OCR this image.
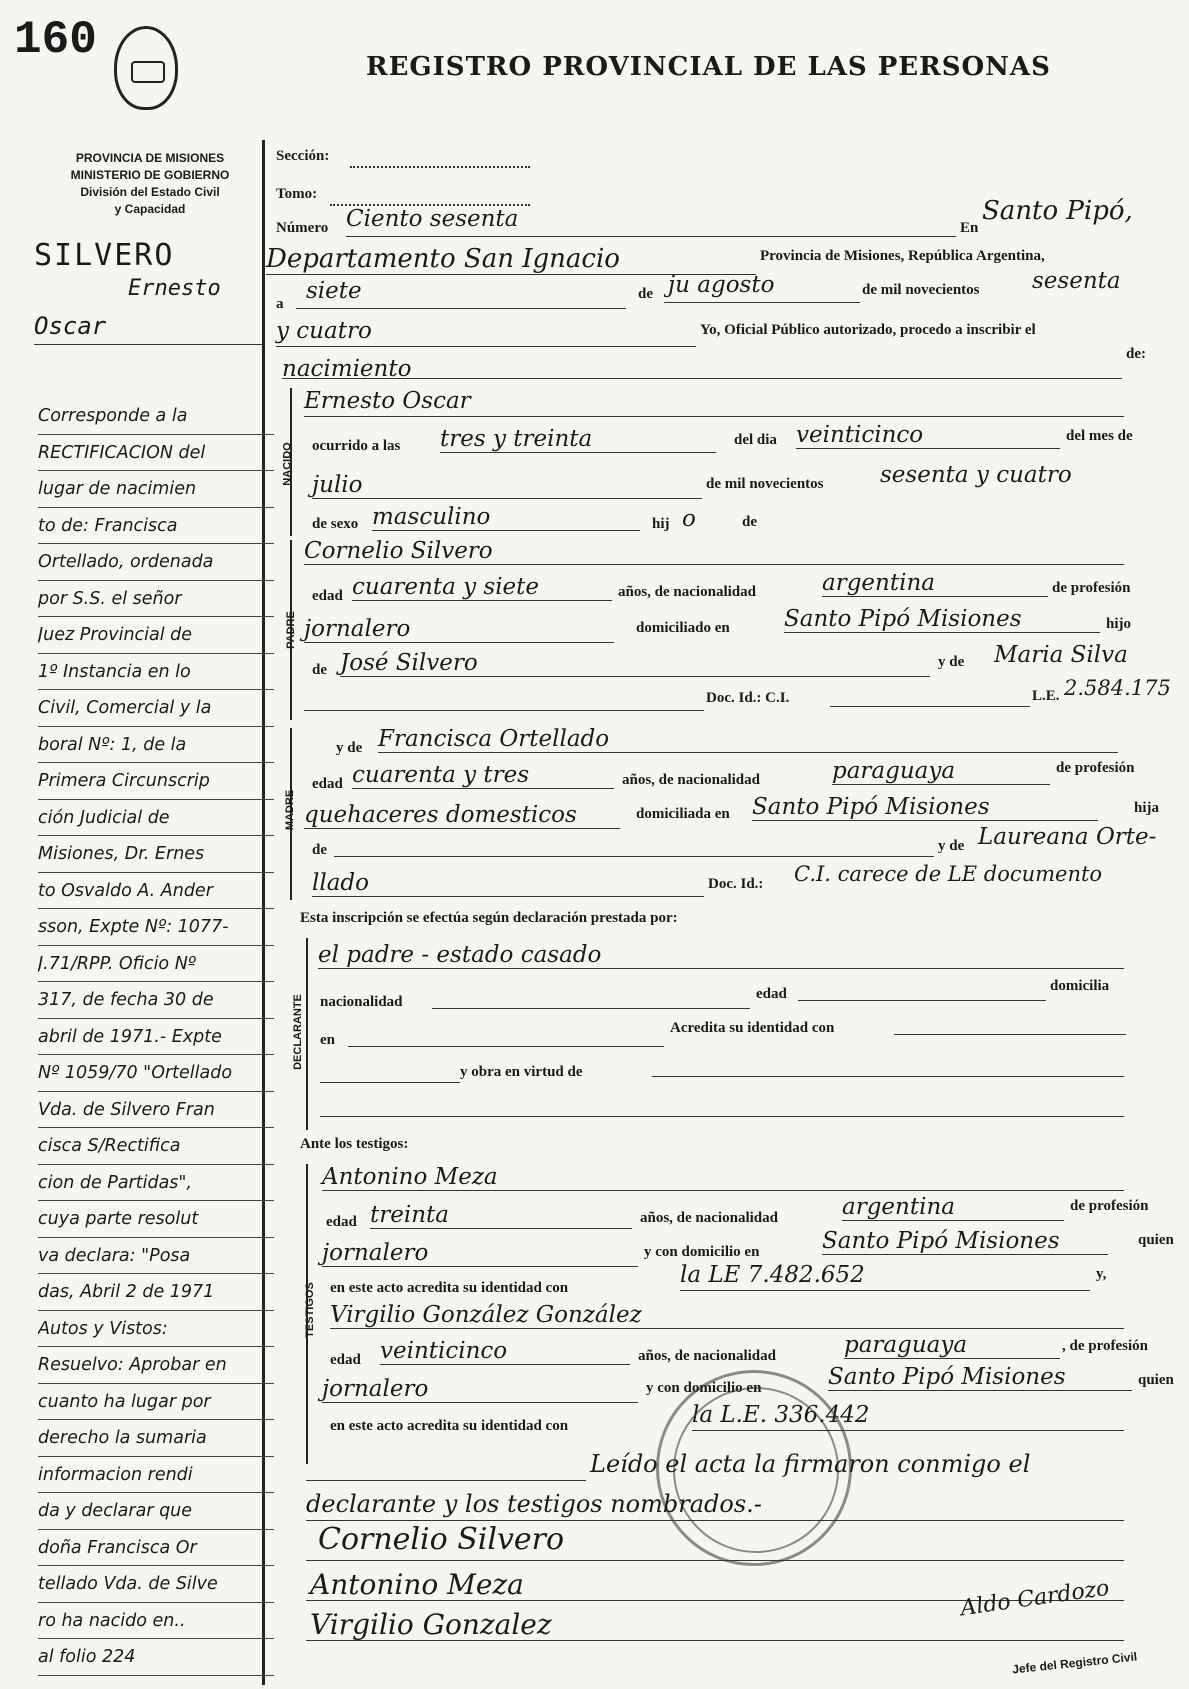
160
REGISTRO PROVINCIAL DE LAS PERSONAS
PROVINCIA DE MISIONES
MINISTERIO DE GOBIERNO
División del Estado Civil
y Capacidad
SILVERO
Ernesto
Oscar
Corresponde a la
RECTIFICACION del
lugar de nacimien
to de: Francisca
Ortellado, ordenada
por S.S. el señor
Juez Provincial de
1º Instancia en lo
Civil, Comercial y la
boral Nº: 1, de la
Primera Circunscrip
ción Judicial de
Misiones, Dr. Ernes
to Osvaldo A. Ander
sson, Expte Nº: 1077-
J.71/RPP. Oficio Nº
317, de fecha 30 de
abril de 1971.- Expte
Nº 1059/70 "Ortellado
Vda. de Silvero Fran
cisca S/Rectifica
cion de Partidas",
cuya parte resolut
va declara: "Posa
das, Abril 2 de 1971
Autos y Vistos:
Resuelvo: Aprobar en
cuanto ha lugar por
derecho la sumaria
informacion rendi
da y declarar que
doña Francisca Or
tellado Vda. de Silve
ro ha nacido en..
al folio 224
Sección:
Tomo:
Número Ciento sesenta	En
Santo Pipó,
Departamento San Ignacio	Provincia de Misiones, República Argentina,
a siete	de ju agosto	de mil novecientos sesenta
y cuatro	Yo, Oficial Público autorizado, procedo a inscribir el
nacimiento
de:
NACIDO
Ernesto Oscar
ocurrido a las tres y treinta	del dia veinticinco	del mes de
julio	de mil novecientos sesenta y cuatro
de sexo masculino	hij o	de
PADRE
Cornelio Silvero
edad cuarenta y siete	años, de nacionalidad	argentina	de profesión
jornalero	domiciliado en Santo Pipó Misiones	hijo
de José Silvero	y de Maria Silva
Doc. Id.: C.I.	L.E. 2.584.175
MADRE
y de Francisca Ortellado
edad cuarenta y tres	años, de nacionalidad	paraguaya	de profesión
quehaceres domesticos	domiciliada en Santo Pipó Misiones	hija
de	y de Laureana Orte-
llado	Doc. Id.: C.I. carece de LE documento
Esta inscripción se efectúa según declaración prestada por:
DECLARANTE
el padre - estado casado
nacionalidad	edad	domicilia
en
Acredita su identidad con
y obra en virtud de
Ante los testigos:
TESTIGOS
Antonino Meza
edad treinta	años, de nacionalidad	argentina	de profesión
jornalero	y con domicilio en	Santo Pipó Misiones	quien
en este acto acredita su identidad con	la LE 7.482.652	y,
Virgilio González González
edad veinticinco	años, de nacionalidad	paraguaya	, de profesión
jornalero	y con domicilio en	Santo Pipó Misiones	quien
en este acto acredita su identidad con	la L.E. 336.442
Leído el acta la firmaron conmigo el
declarante y los testigos nombrados.-
Cornelio Silvero
Antonino Meza
Virgilio Gonzalez
Aldo Cardozo
Jefe del Registro Civil
